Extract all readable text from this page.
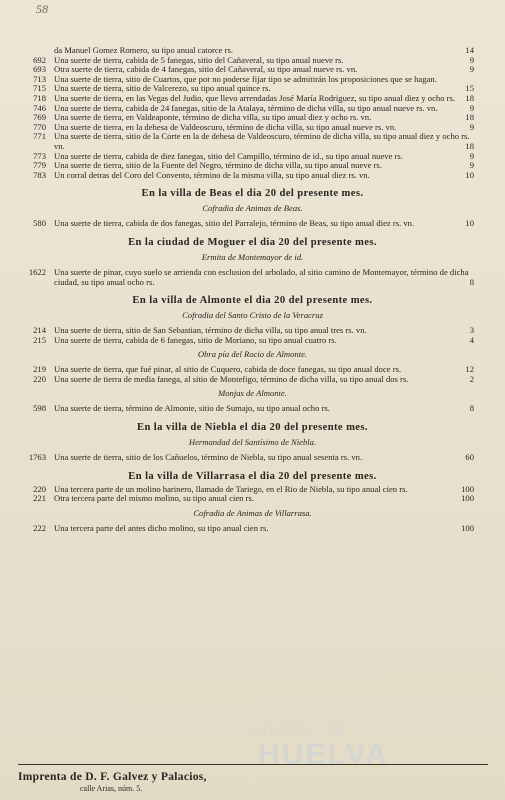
58
da Manuel Gomez Romero, su tipo anual catorce rs.	14
692 Una suerte de tierra, cabida de 5 fanegas, sitio del Cañaveral, su tipo anual nueve rs.	9
693 Otra suerte de tierra, cabida de 4 fanegas, sitio del Cañaveral, su tipo anual nueve rs. vn.	9
713 Una suerte de tierra, sitio de Cuartos, que por no poderse fijar tipo se admitirán los proposiciones que se hagan.
715 Una suerte de tierra, sitio de Valcerezo, su tipo anual quince rs.	15
718 Una suerte de tierra, en las Vegas del Judio, que llevo arrendadas José María Rodriguez, su tipo anual diez y ocho rs.	18
746 Una suerte de tierra, cabida de 24 fanegas, sitio de la Atalaya, término de dicha villa, su tipo anual nueve rs. vn.	9
769 Una suerte de tierra, en Valdeaponte, término de dicha villa, su tipo anual diez y ocho rs. vn.	18
770 Una suerte de tierra, en la dehesa de Valdeoscuro, término de dicha villa, su tipo anual nueve rs. vn.	9
771 Una suerte de tierra, sitio de la Corte en la de dehesa de Valdeoscuro, término de dicha villa, su tipo anual diez y ocho rs. vn.	18
773 Una suerte de tierra, cabida de diez fanegas, sitio del Campillo, término de id., su tipo anual nueve rs.	9
779 Una suerte de tierra, sitio de la Fuente del Negro, término de dicha villa, su tipo anual nueve rs.	9
783 Un corral detras del Coro del Convento, término de la misma villa, su tipo anual diez rs. vn.	10
En la villa de Beas el dia 20 del presente mes.
Cofradia de Animas de Beas.
580 Una suerte de tierra, cabida de dos fanegas, sitio del Parralejo, término de Beas, su tipo anual diez rs. vn.	10
En la ciudad de Moguer el dia 20 del presente mes.
Ermita de Montemayor de id.
1622 Una suerte de pinar, cuyo suelo se arrienda con esclusion del arbolado, al sitio camino de Montemayor, término de dicha ciudad, su tipo anual ocho rs.	8
En la villa de Almonte el dia 20 del presente mes.
Cofradia del Santo Cristo de la Veracruz
214 Una suerte de tierra, sitio de San Sebastian, término de dicha villa, su tipo anual tres rs. vn.	3
215 Una suerte de tierra, cabida de 6 fanegas, sitio de Moriano, su tipo anual cuatro rs.	4
Obra pía del Rocio de Almonte.
219 Una suerte de tierra, que fué pinar, al sitio de Cuquero, cabida de doce fanegas, su tipo anual doce rs.	12
220 Una suerte de tierra de media fanega, al sitio de Montefigo, término de dicha villa, su tipo anual dos rs.	2
Monjas de Almonte.
598 Una suerte de tierra, término de Almonte, sitio de Sumajo, su tipo anual ocho rs.	8
En la villa de Niebla el dia 20 del presente mes.
Hermandad del Santísimo de Niebla.
1763 Una suerte de tierra, sitio de los Cañuelos, término de Niebla, su tipo anual sesenta rs. vn.	60
En la villa de Villarrasa el dia 20 del presente mes.
220 Una tercera parte de un molino harinero, llamado de Tariego, en el Rio de Niebla, su tipo anual cien rs.	100
221 Otra tercera parte del mismo molino, su tipo anual cien rs.	100
Cofradia de Animas de Villarrasa.
222 Una tercera parte del antes dicho molino, su tipo anual cien rs.	100
Archivo de
HUELVA
Imprenta de D. F. Galvez y Palacios,
calle Arias, núm. 5.
